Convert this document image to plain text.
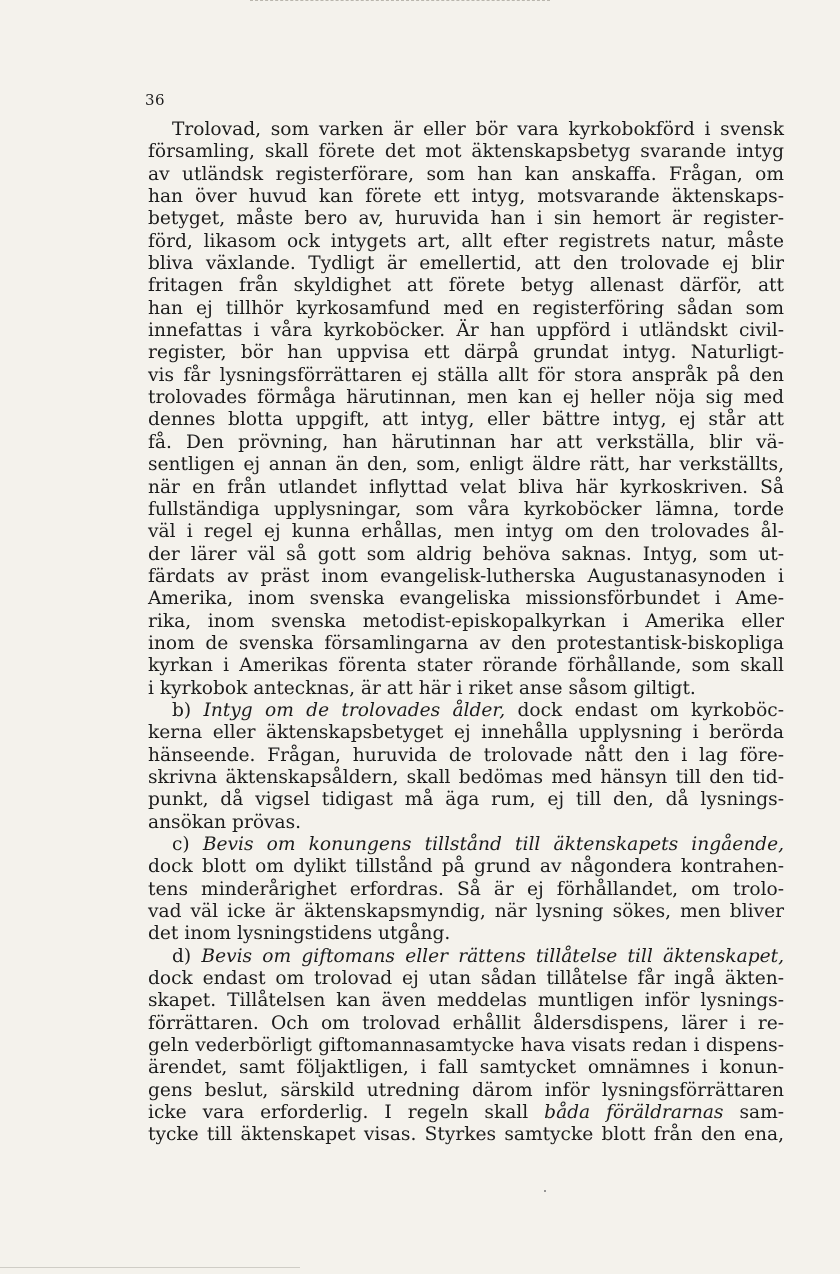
36
Trolovad, som varken är eller bör vara kyrkobokförd i svensk
församling, skall förete det mot äktenskapsbetyg svarande intyg
av utländsk registerförare, som han kan anskaffa. Frågan, om
han över huvud kan förete ett intyg, motsvarande äktenskaps-
betyget, måste bero av, huruvida han i sin hemort är register-
förd, likasom ock intygets art, allt efter registrets natur, måste
bliva växlande. Tydligt är emellertid, att den trolovade ej blir
fritagen från skyldighet att förete betyg allenast därför, att
han ej tillhör kyrkosamfund med en registerföring sådan som
innefattas i våra kyrkoböcker. Är han uppförd i utländskt civil-
register, bör han uppvisa ett därpå grundat intyg. Naturligt-
vis får lysningsförrättaren ej ställa allt för stora anspråk på den
trolovades förmåga härutinnan, men kan ej heller nöja sig med
dennes blotta uppgift, att intyg, eller bättre intyg, ej står att
få. Den prövning, han härutinnan har att verkställa, blir vä-
sentligen ej annan än den, som, enligt äldre rätt, har verkställts,
när en från utlandet inflyttad velat bliva här kyrkoskriven. Så
fullständiga upplysningar, som våra kyrkoböcker lämna, torde
väl i regel ej kunna erhållas, men intyg om den trolovades ål-
der lärer väl så gott som aldrig behöva saknas. Intyg, som ut-
färdats av präst inom evangelisk-lutherska Augustanasynoden i
Amerika, inom svenska evangeliska missionsförbundet i Ame-
rika, inom svenska metodist-episkopalkyrkan i Amerika eller
inom de svenska församlingarna av den protestantisk-biskopliga
kyrkan i Amerikas förenta stater rörande förhållande, som skall
i kyrkobok antecknas, är att här i riket anse såsom giltigt.
b) Intyg om de trolovades ålder, dock endast om kyrkoböc-
kerna eller äktenskapsbetyget ej innehålla upplysning i berörda
hänseende. Frågan, huruvida de trolovade nått den i lag före-
skrivna äktenskapsåldern, skall bedömas med hänsyn till den tid-
punkt, då vigsel tidigast må äga rum, ej till den, då lysnings-
ansökan prövas.
c) Bevis om konungens tillstånd till äktenskapets ingående,
dock blott om dylikt tillstånd på grund av någondera kontrahen-
tens minderårighet erfordras. Så är ej förhållandet, om trolo-
vad väl icke är äktenskapsmyndig, när lysning sökes, men bliver
det inom lysningstidens utgång.
d) Bevis om giftomans eller rättens tillåtelse till äktenskapet,
dock endast om trolovad ej utan sådan tillåtelse får ingå äkten-
skapet. Tillåtelsen kan även meddelas muntligen inför lysnings-
förrättaren. Och om trolovad erhållit åldersdispens, lärer i re-
geln vederbörligt giftomannasamtycke hava visats redan i dispens-
ärendet, samt följaktligen, i fall samtycket omnämnes i konun-
gens beslut, särskild utredning därom inför lysningsförrättaren
icke vara erforderlig. I regeln skall båda föräldrarnas sam-
tycke till äktenskapet visas. Styrkes samtycke blott från den ena,
